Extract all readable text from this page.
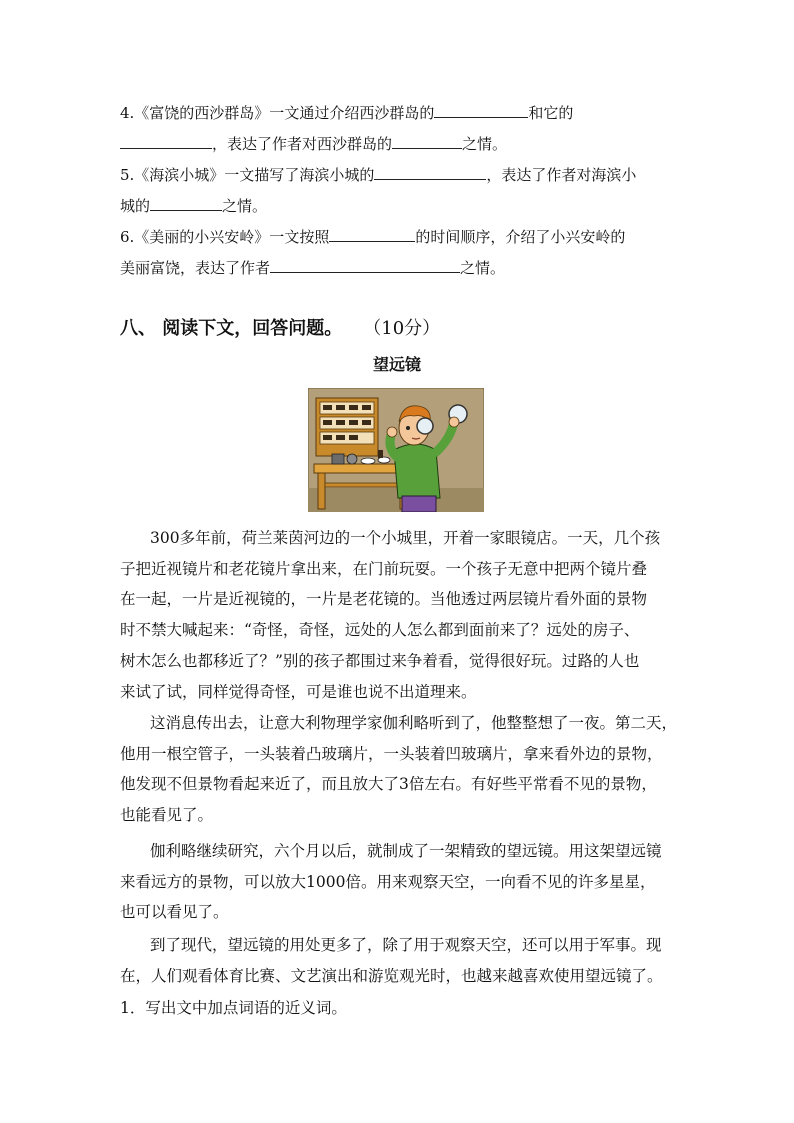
4.《富饶的西沙群岛》一文通过介绍西沙群岛的	和它的
，表达了作者对西沙群岛的	之情。
5.《海滨小城》一文描写了海滨小城的	，表达了作者对海滨小
城的	之情。
6.《美丽的小兴安岭》一文按照	的时间顺序，介绍了小兴安岭的
美丽富饶，表达了作者	之情。
八、 阅读下文，回答问题。 （10分）
望远镜

300多年前，荷兰莱茵河边的一个小城里，开着一家眼镜店。一天，几个孩
子把近视镜片和老花镜片拿出来，在门前玩耍。一个孩子无意中把两个镜片叠
在一起，一片是近视镜的，一片是老花镜的。当他透过两层镜片看外面的景物
时不禁大喊起来：“奇怪，奇怪，远处的人怎么都到面前来了？远处的房子、
树木怎么也都移近了？”别的孩子都围过来争着看，觉得很好玩。过路的人也
来试了试，同样觉得奇怪，可是谁也说不出道理来。

这消息传出去，让意大利物理学家伽利略听到了，他整整想了一夜。第二天，
他用一根空管子，一头装着凸玻璃片，一头装着凹玻璃片，拿来看外边的景物，
他发现不但景物看起来近了，而且放大了3倍左右。有好些平常看不见的景物，
也能看见了。

伽利略继续研究，六个月以后，就制成了一架精致的望远镜。用这架望远镜
来看远方的景物，可以放大1000倍。用来观察天空，一向看不见的许多星星，
也可以看见了。

到了现代，望远镜的用处更多了，除了用于观察天空，还可以用于军事。现
在，人们观看体育比赛、文艺演出和游览观光时，也越来越喜欢使用望远镜了。

1．写出文中加点词语的近义词。
